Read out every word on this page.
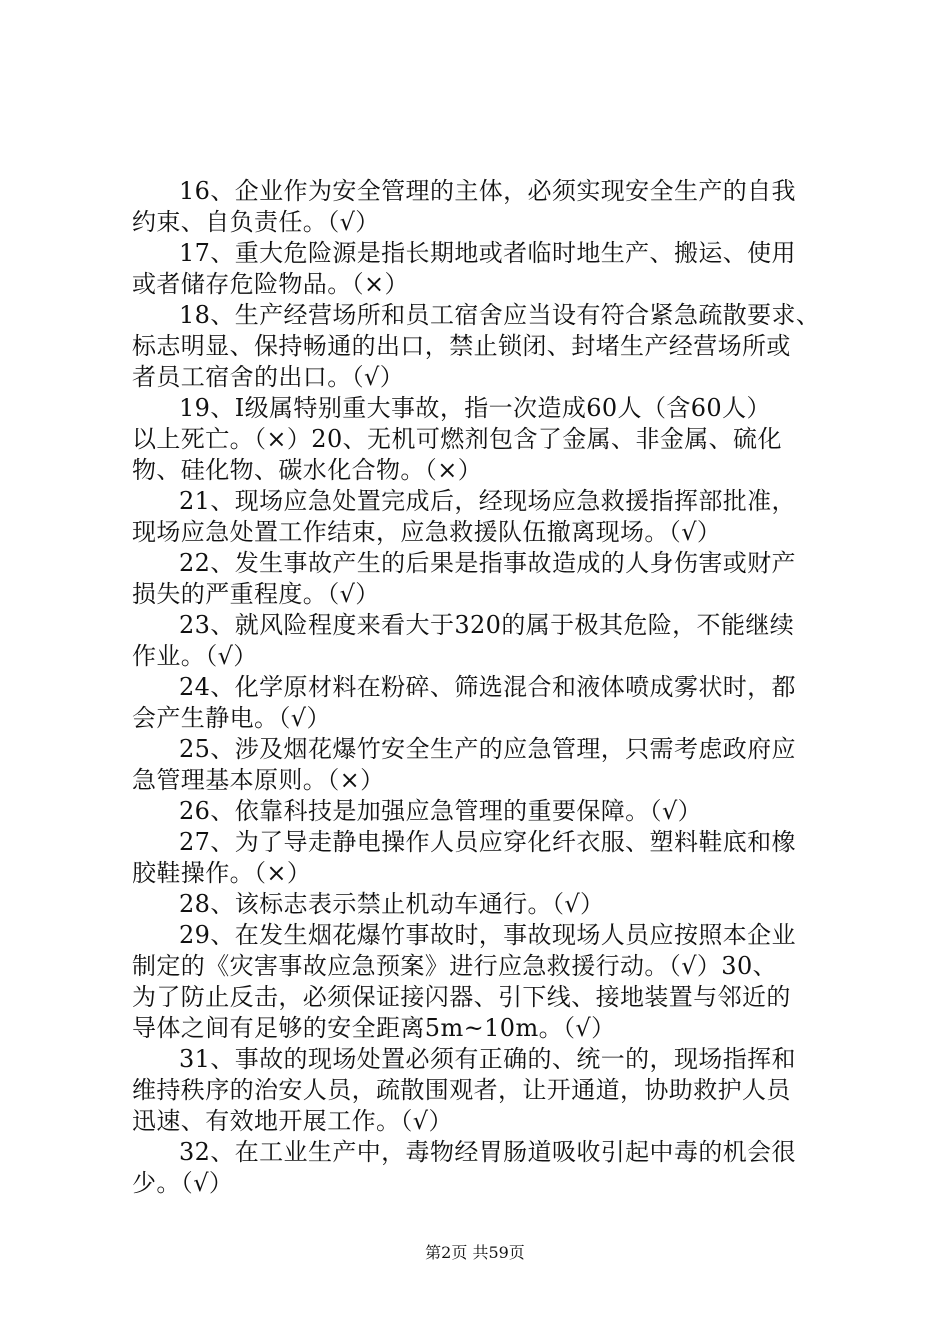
16、企业作为安全管理的主体，必须实现安全生产的自我
约束、自负责任。（√）
17、重大危险源是指长期地或者临时地生产、搬运、使用
或者储存危险物品。（×）
18、生产经营场所和员工宿舍应当设有符合紧急疏散要求、
标志明显、保持畅通的出口，禁止锁闭、封堵生产经营场所或
者员工宿舍的出口。（√）
19、Ⅰ级属特别重大事故，指一次造成60人（含60人）
以上死亡。（×）20、无机可燃剂包含了金属、非金属、硫化
物、硅化物、碳水化合物。（×）
21、现场应急处置完成后，经现场应急救援指挥部批准，
现场应急处置工作结束，应急救援队伍撤离现场。（√）
22、发生事故产生的后果是指事故造成的人身伤害或财产
损失的严重程度。（√）
23、就风险程度来看大于320的属于极其危险，不能继续
作业。（√）
24、化学原材料在粉碎、筛选混合和液体喷成雾状时，都
会产生静电。（√）
25、涉及烟花爆竹安全生产的应急管理，只需考虑政府应
急管理基本原则。（×）
26、依靠科技是加强应急管理的重要保障。（√）
27、为了导走静电操作人员应穿化纤衣服、塑料鞋底和橡
胶鞋操作。（×）
28、该标志表示禁止机动车通行。（√）
29、在发生烟花爆竹事故时，事故现场人员应按照本企业
制定的《灾害事故应急预案》进行应急救援行动。（√）30、
为了防止反击，必须保证接闪器、引下线、接地装置与邻近的
导体之间有足够的安全距离5m~10m。（√）
31、事故的现场处置必须有正确的、统一的，现场指挥和
维持秩序的治安人员，疏散围观者，让开通道，协助救护人员
迅速、有效地开展工作。（√）
32、在工业生产中，毒物经胃肠道吸收引起中毒的机会很
少。（√）
第2页 共59页
